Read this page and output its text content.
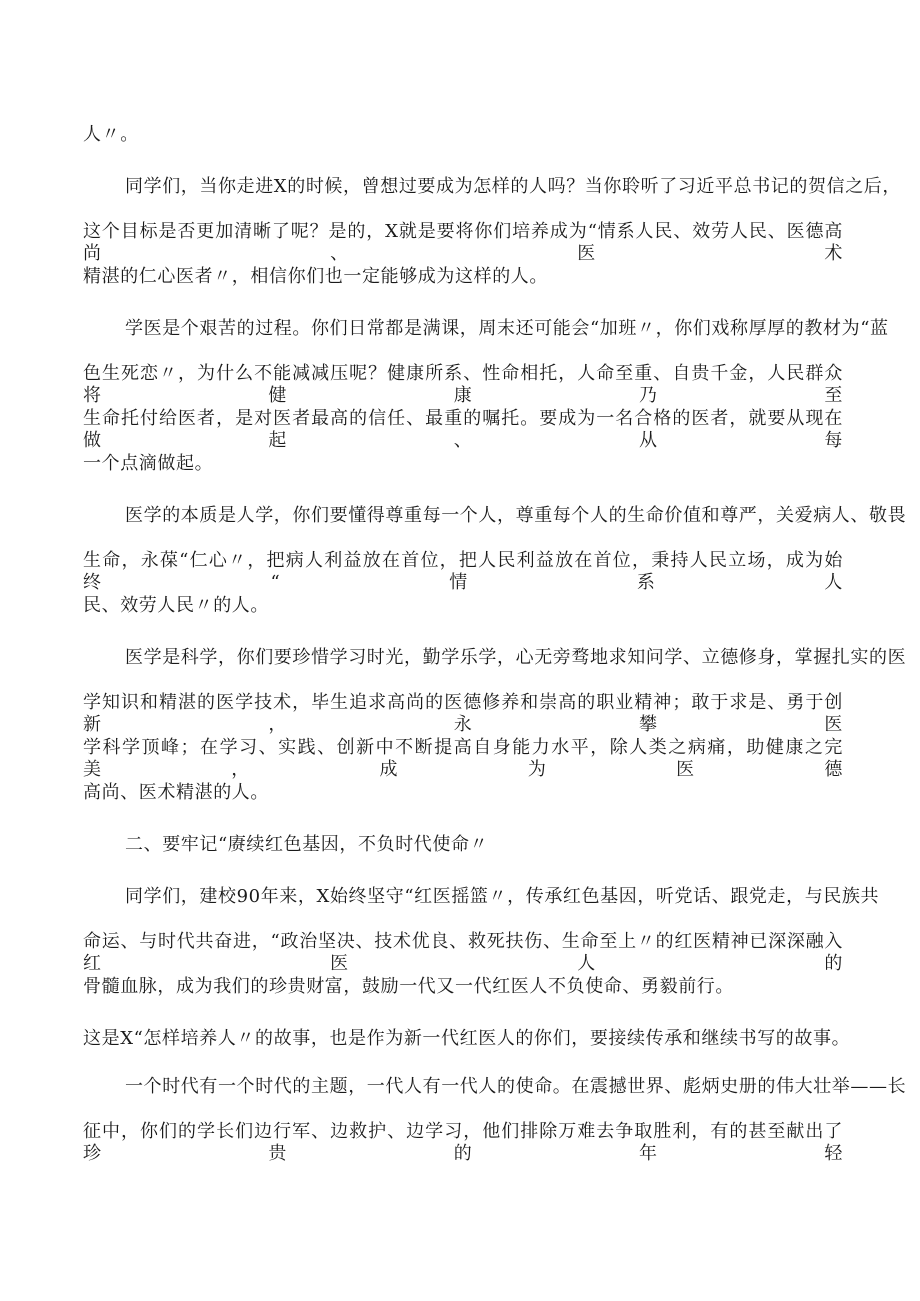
人〃。
同学们，当你走进X的时候，曾想过要成为怎样的人吗？当你聆听了习近平总书记的贺信之后，
这个目标是否更加清晰了呢？是的，X就是要将你们培养成为“情系人民、效劳人民、医德高尚、医术
精湛的仁心医者〃，相信你们也一定能够成为这样的人。
学医是个艰苦的过程。你们日常都是满课，周末还可能会“加班〃，你们戏称厚厚的教材为“蓝
色生死恋〃，为什么不能减减压呢？健康所系、性命相托，人命至重、自贵千金，人民群众将健康乃至
生命托付给医者，是对医者最高的信任、最重的嘱托。要成为一名合格的医者，就要从现在做起、从每
一个点滴做起。
医学的本质是人学，你们要懂得尊重每一个人，尊重每个人的生命价值和尊严，关爱病人、敬畏
生命，永葆“仁心〃，把病人利益放在首位，把人民利益放在首位，秉持人民立场，成为始终“情系人
民、效劳人民〃的人。
医学是科学，你们要珍惜学习时光，勤学乐学，心无旁骛地求知问学、立德修身，掌握扎实的医
学知识和精湛的医学技术，毕生追求高尚的医德修养和崇高的职业精神；敢于求是、勇于创新，永攀医
学科学顶峰；在学习、实践、创新中不断提高自身能力水平，除人类之病痛，助健康之完美，成为医德
高尚、医术精湛的人。
二、要牢记“赓续红色基因，不负时代使命〃
同学们，建校90年来，X始终坚守“红医摇篮〃，传承红色基因，听党话、跟党走，与民族共
命运、与时代共奋进，“政治坚决、技术优良、救死扶伤、生命至上〃的红医精神已深深融入红医人的
骨髓血脉，成为我们的珍贵财富，鼓励一代又一代红医人不负使命、勇毅前行。
这是X“怎样培养人〃的故事，也是作为新一代红医人的你们，要接续传承和继续书写的故事。
一个时代有一个时代的主题，一代人有一代人的使命。在震撼世界、彪炳史册的伟大壮举——长
征中，你们的学长们边行军、边救护、边学习，他们排除万难去争取胜利，有的甚至献出了珍贵的年轻
